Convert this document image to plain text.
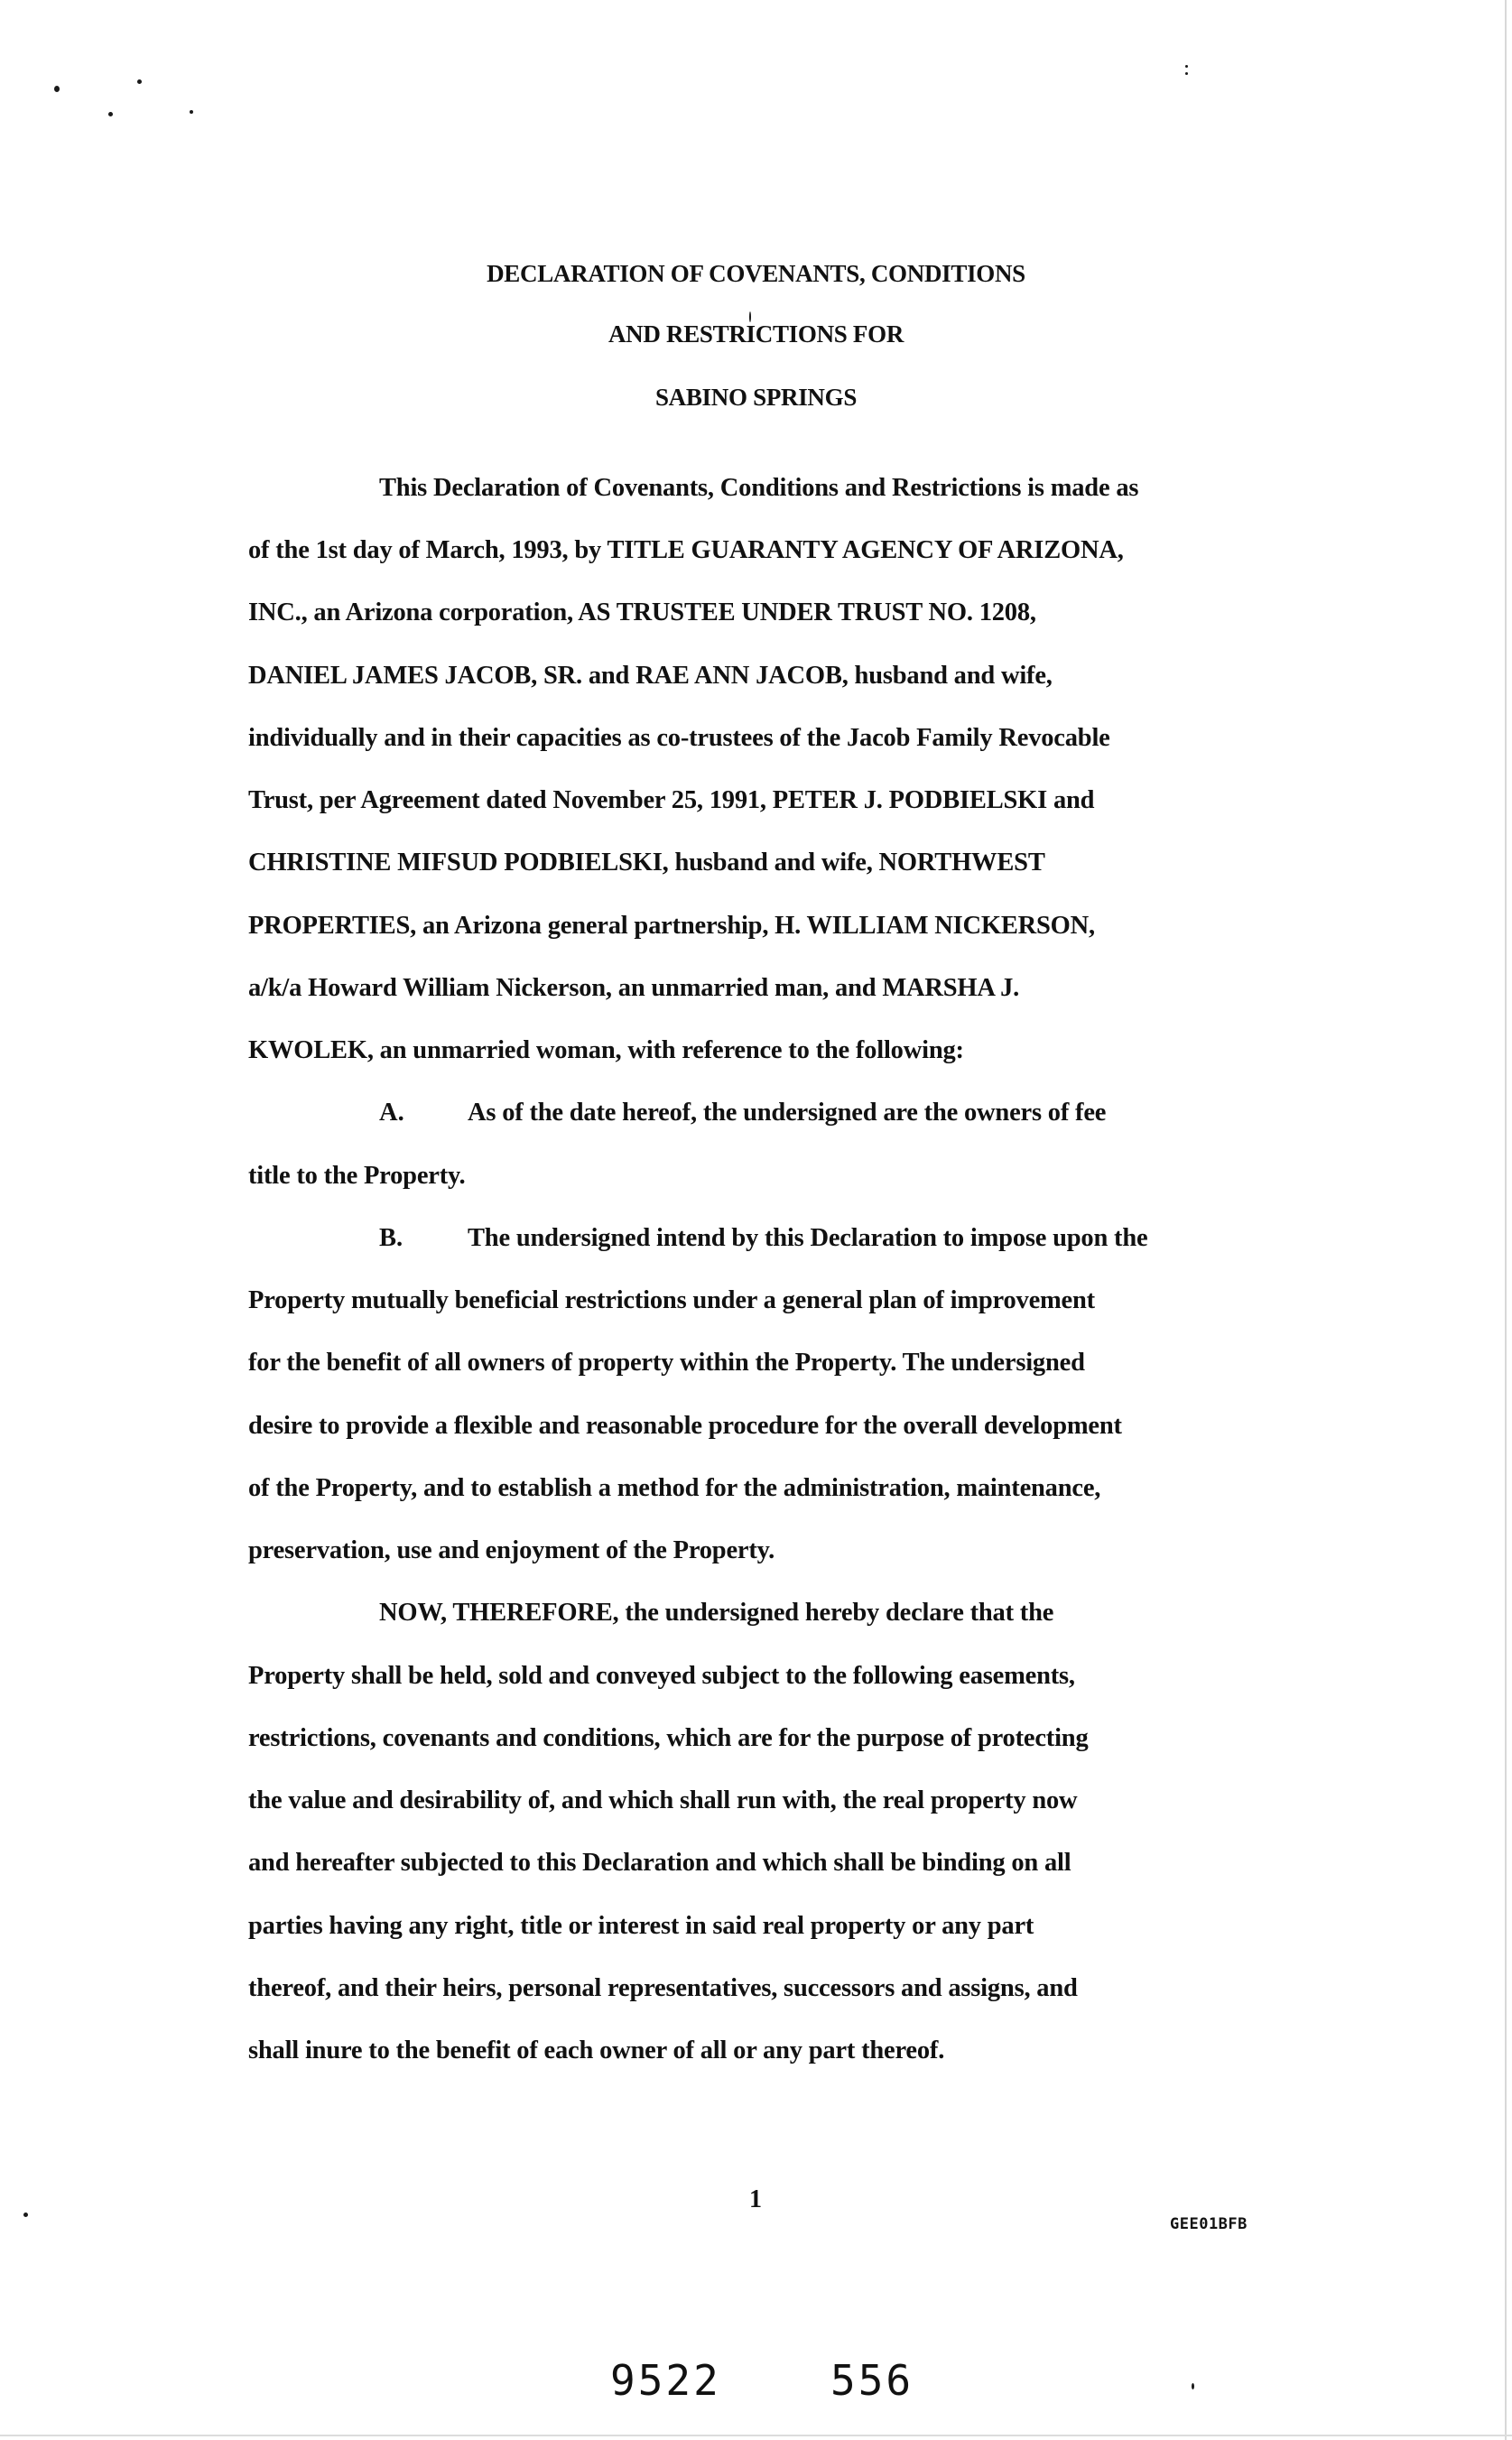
DECLARATION OF COVENANTS, CONDITIONS
AND RESTRICTIONS FOR
SABINO SPRINGS
This Declaration of Covenants, Conditions and Restrictions is made as
of the 1st day of March, 1993, by TITLE GUARANTY AGENCY OF ARIZONA,
INC., an Arizona corporation, AS TRUSTEE UNDER TRUST NO. 1208,
DANIEL JAMES JACOB, SR. and RAE ANN JACOB, husband and wife,
individually and in their capacities as co-trustees of the Jacob Family Revocable
Trust, per Agreement dated November 25, 1991, PETER J. PODBIELSKI and
CHRISTINE MIFSUD PODBIELSKI, husband and wife, NORTHWEST
PROPERTIES, an Arizona general partnership, H. WILLIAM NICKERSON,
a/k/a Howard William Nickerson, an unmarried man, and MARSHA J.
KWOLEK, an unmarried woman, with reference to the following:
A. As of the date hereof, the undersigned are the owners of fee
title to the Property.
B.	The undersigned intend by this Declaration to impose upon the
Property mutually beneficial restrictions under a general plan of improvement
for the benefit of all owners of property within the Property. The undersigned
desire to provide a flexible and reasonable procedure for the overall development
of the Property, and to establish a method for the administration, maintenance,
preservation, use and enjoyment of the Property.
NOW, THEREFORE, the undersigned hereby declare that the
Property shall be held, sold and conveyed subject to the following easements,
restrictions, covenants and conditions, which are for the purpose of protecting
the value and desirability of, and which shall run with, the real property now
and hereafter subjected to this Declaration and which shall be binding on all
parties having any right, title or interest in said real property or any part
thereof, and their heirs, personal representatives, successors and assigns, and
shall inure to the benefit of each owner of all or any part thereof.
1
GEE01BFB
9522	556
